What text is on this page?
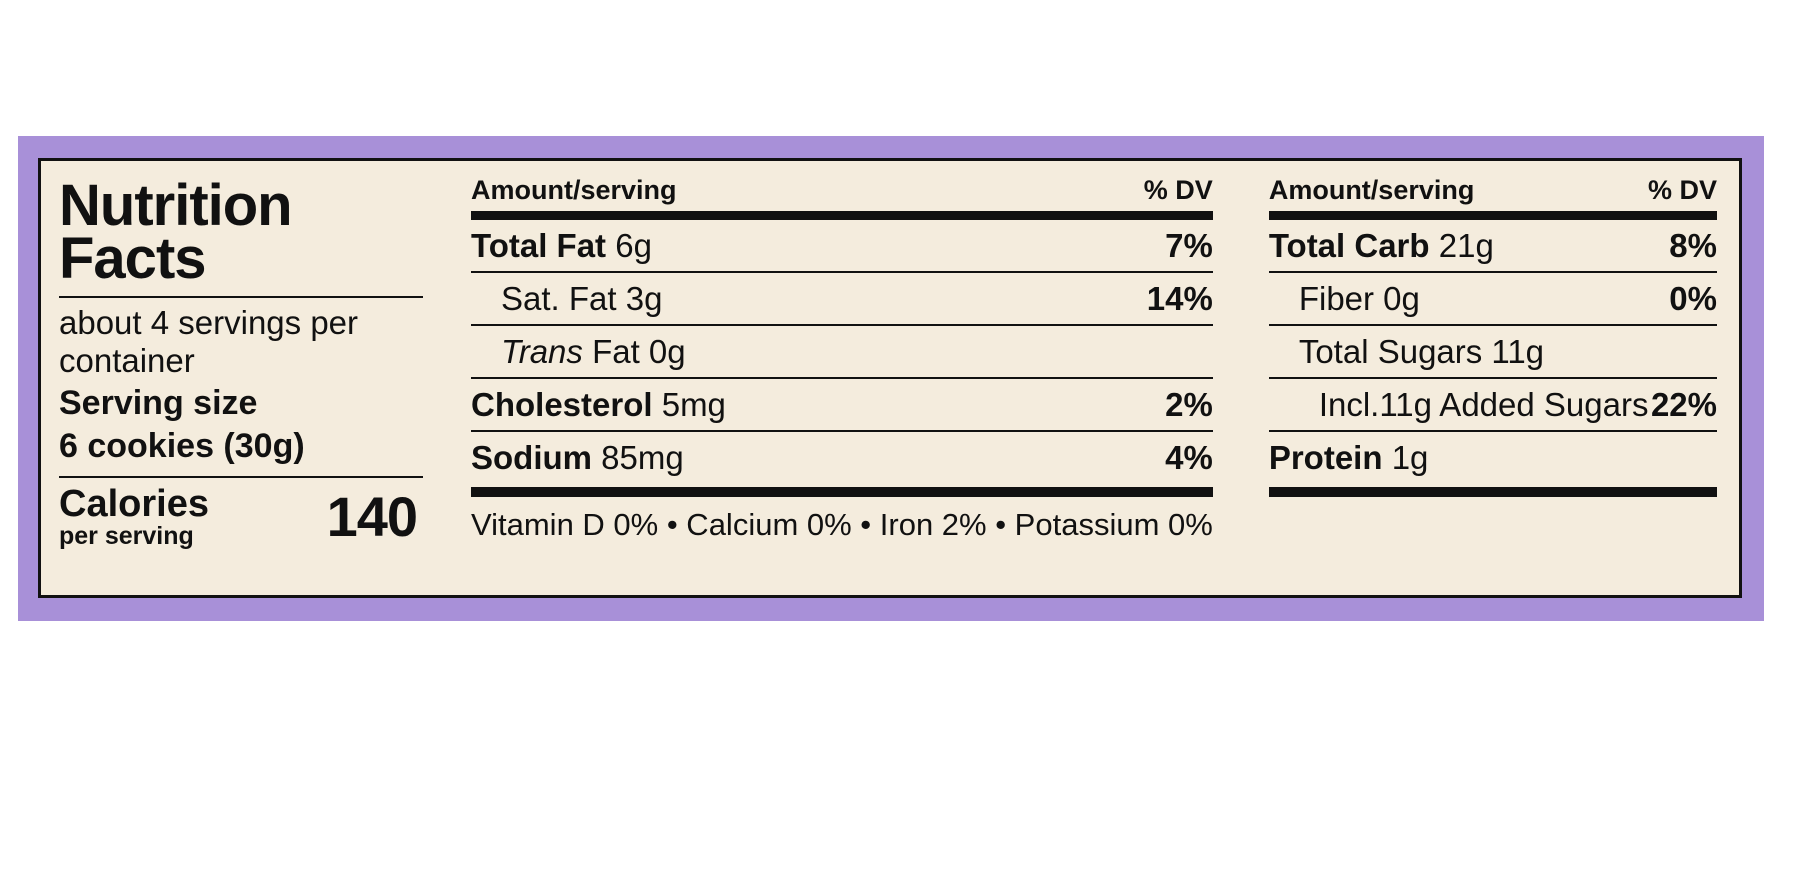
Nutrition Facts
about 4 servings per container
Serving size
6 cookies (30g)
Calories
per serving 140
Amount/serving	% DV
Total Fat 6g	7%
Sat. Fat 3g	14%
Trans Fat 0g
Cholesterol 5mg	2%
Sodium 85mg	4%
Vitamin D 0% • Calcium 0% • Iron 2% • Potassium 0%
Amount/serving	% DV
Total Carb 21g	8%
Fiber 0g	0%
Total Sugars 11g
Incl.11g Added Sugars 22%
Protein 1g
